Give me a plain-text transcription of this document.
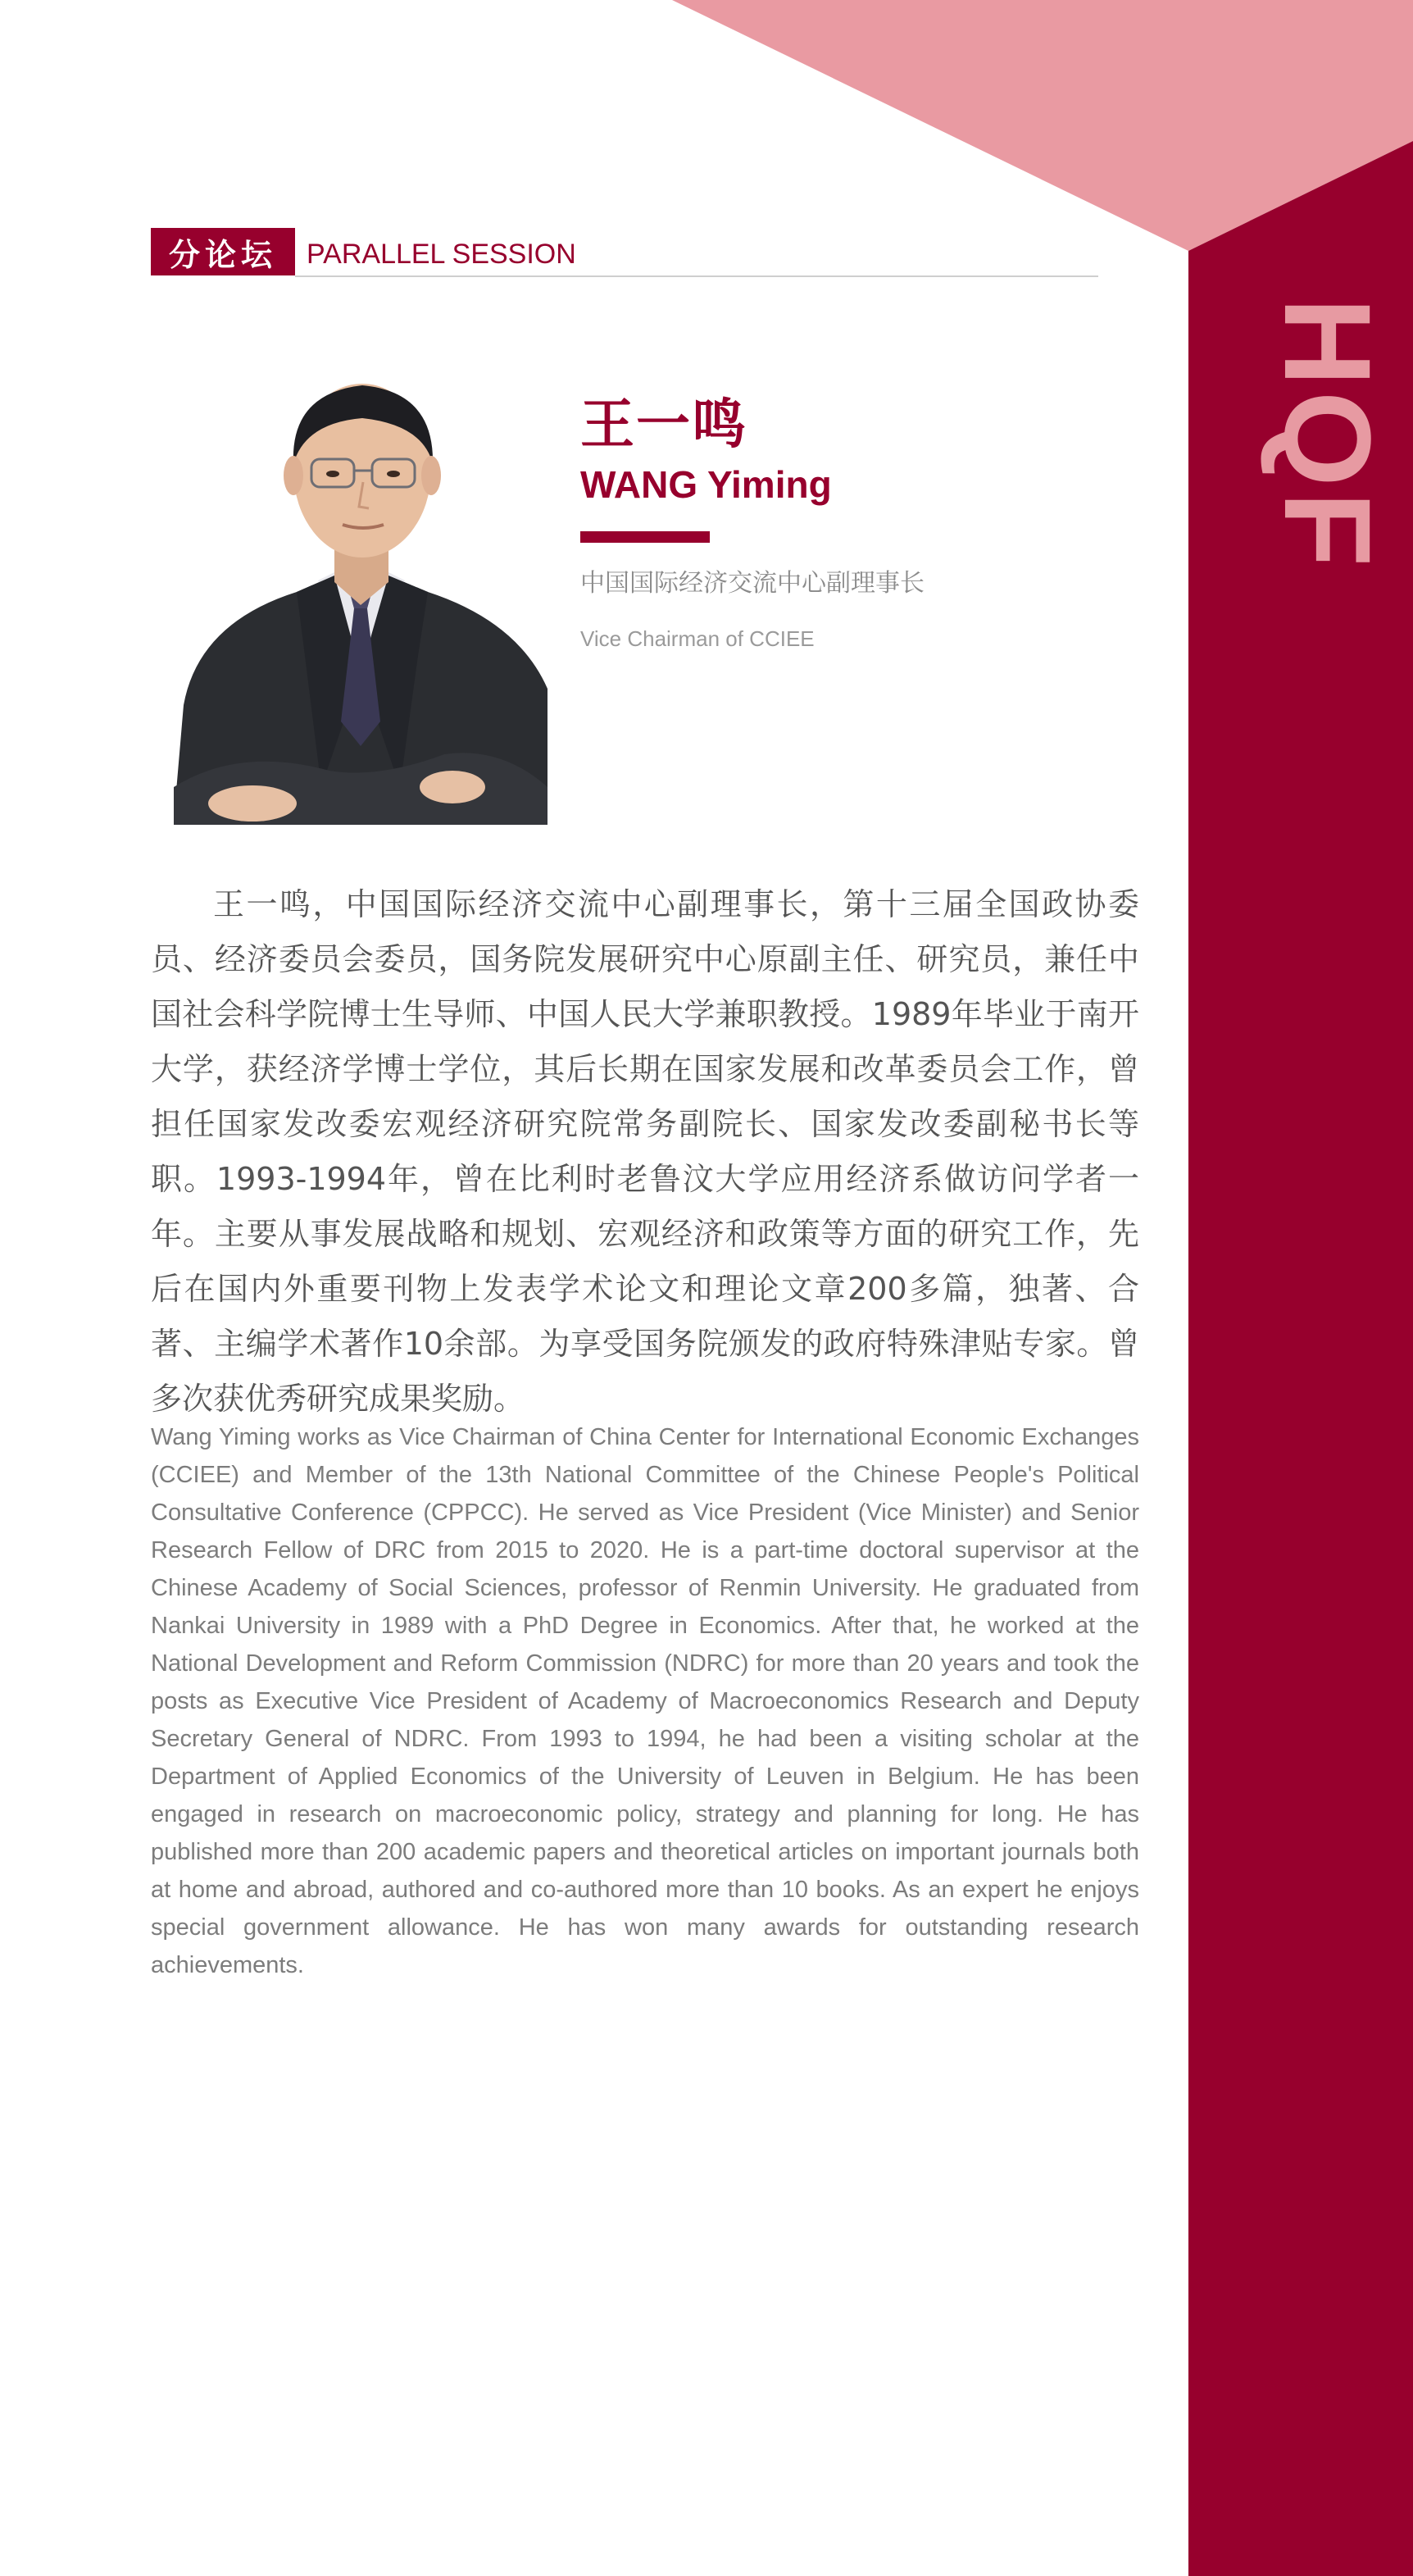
HQF
分论坛	PARALLEL SESSION
王一鸣
WANG Yiming
中国国际经济交流中心副理事长
Vice Chairman of CCIEE

王一鸣，中国国际经济交流中心副理事长，第十三届全国政协委员、经济委员会委员，国务院发展研究中心原副主任、研究员，兼任中国社会科学院博士生导师、中国人民大学兼职教授。1989年毕业于南开大学，获经济学博士学位，其后长期在国家发展和改革委员会工作，曾担任国家发改委宏观经济研究院常务副院长、国家发改委副秘书长等职。1993-1994年，曾在比利时老鲁汶大学应用经济系做访问学者一年。主要从事发展战略和规划、宏观经济和政策等方面的研究工作，先后在国内外重要刊物上发表学术论文和理论文章200多篇，独著、合著、主编学术著作10余部。为享受国务院颁发的政府特殊津贴专家。曾多次获优秀研究成果奖励。

Wang Yiming works as Vice Chairman of China Center for International Economic Exchanges (CCIEE) and Member of the 13th National Committee of the Chinese People's Political Consultative Conference (CPPCC). He served as Vice President (Vice Minister) and Senior Research Fellow of DRC from 2015 to 2020. He is a part-time doctoral supervisor at the Chinese Academy of Social Sciences, professor of Renmin University. He graduated from Nankai University in 1989 with a PhD Degree in Economics. After that, he worked at the National Development and Reform Commission (NDRC) for more than 20 years and took the posts as Executive Vice President of Academy of Macroeconomics Research and Deputy Secretary General of NDRC. From 1993 to 1994, he had been a visiting scholar at the Department of Applied Economics of the University of Leuven in Belgium. He has been engaged in research on macroeconomic policy, strategy and planning for long. He has published more than 200 academic papers and theoretical articles on important journals both at home and abroad, authored and co-authored more than 10 books. As an expert he enjoys special government allowance. He has won many awards for outstanding research achievements.
